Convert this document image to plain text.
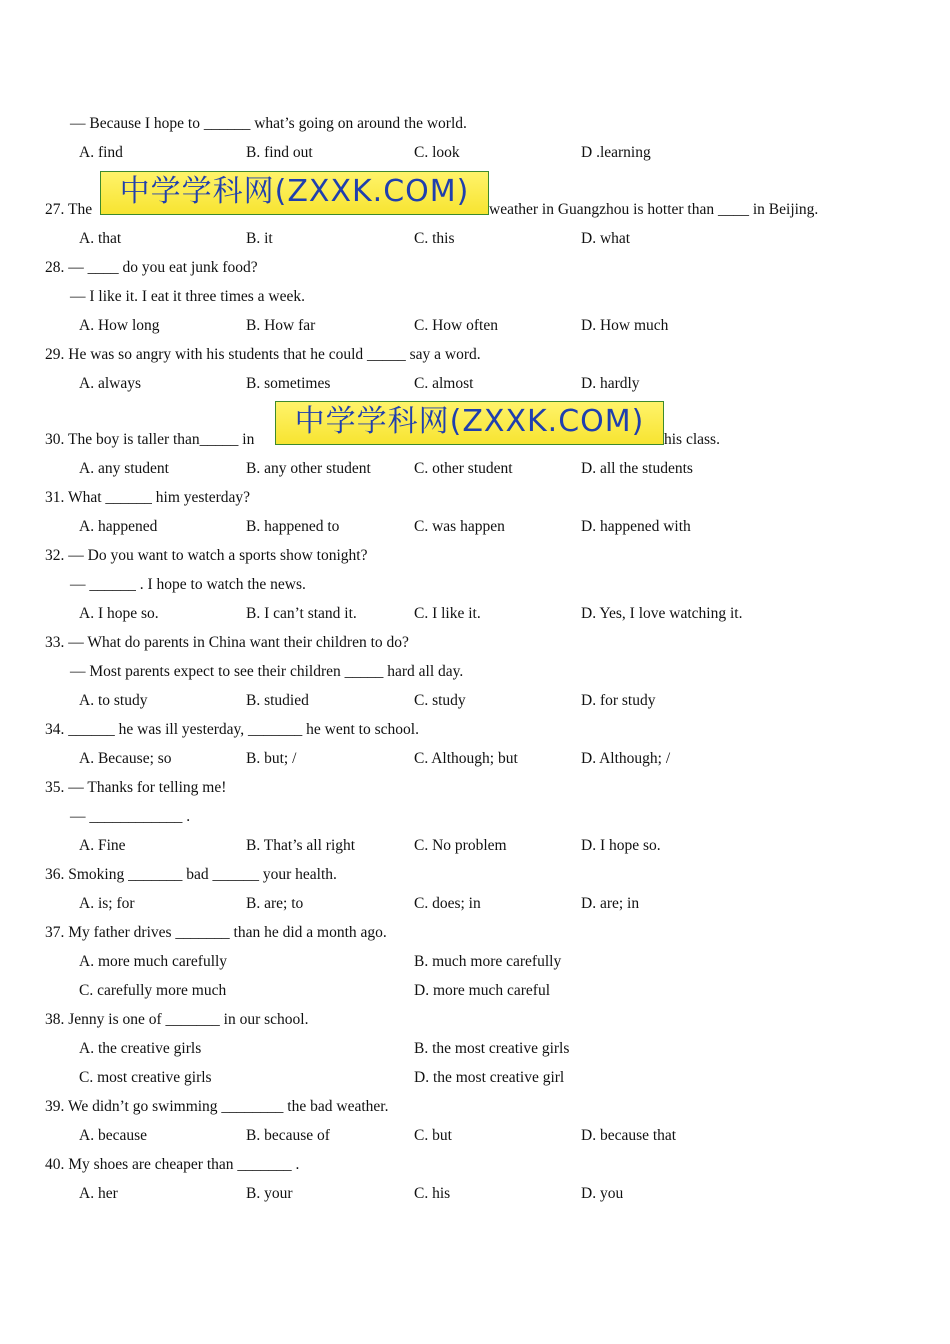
— Because I hope to ______ what’s going on around the world.
A. find	B. find out	C. look	D .learning
27. The
中学学科网(ZXXK.COM)
weather in Guangzhou is hotter than ____ in Beijing.
A. that	B. it	C. this	D. what
28. — ____ do you eat junk food?
— I like it. I eat it three times a week.
A. How long	B. How far	C. How often	D. How much
29. He was so angry with his students that he could _____ say a word.
A. always	B. sometimes	C. almost	D. hardly
30. The boy is taller than_____ in
中学学科网(ZXXK.COM)
his class.
A. any student	B. any other student	C. other student	D. all the students
31. What ______ him yesterday?
A. happened	B. happened to	C. was happen	D. happened with
32. — Do you want to watch a sports show tonight?
— ______ . I hope to watch the news.
A. I hope so.	B. I can’t stand it.	C. I like it.	D. Yes, I love watching it.
33. — What do parents in China want their children to do?
— Most parents expect to see their children _____ hard all day.
A. to study	B. studied	C. study	D. for study
34. ______ he was ill yesterday, _______ he went to school.
A. Because; so	B. but; /	C. Although; but	D. Although; /
35. — Thanks for telling me!
— ____________ .
A. Fine	B. That’s all right	C. No problem	D. I hope so.
36. Smoking _______ bad ______ your health.
A. is; for	B. are; to	C. does; in	D. are; in
37. My father drives _______ than he did a month ago.
A. more much carefully	B. much more carefully
C. carefully more much	D. more much careful
38. Jenny is one of _______ in our school.
A. the creative girls	B. the most creative girls
C. most creative girls	D. the most creative girl
39. We didn’t go swimming ________ the bad weather.
A. because	B. because of	C. but	D. because that
40. My shoes are cheaper than _______ .
A. her	B. your	C. his	D. you
